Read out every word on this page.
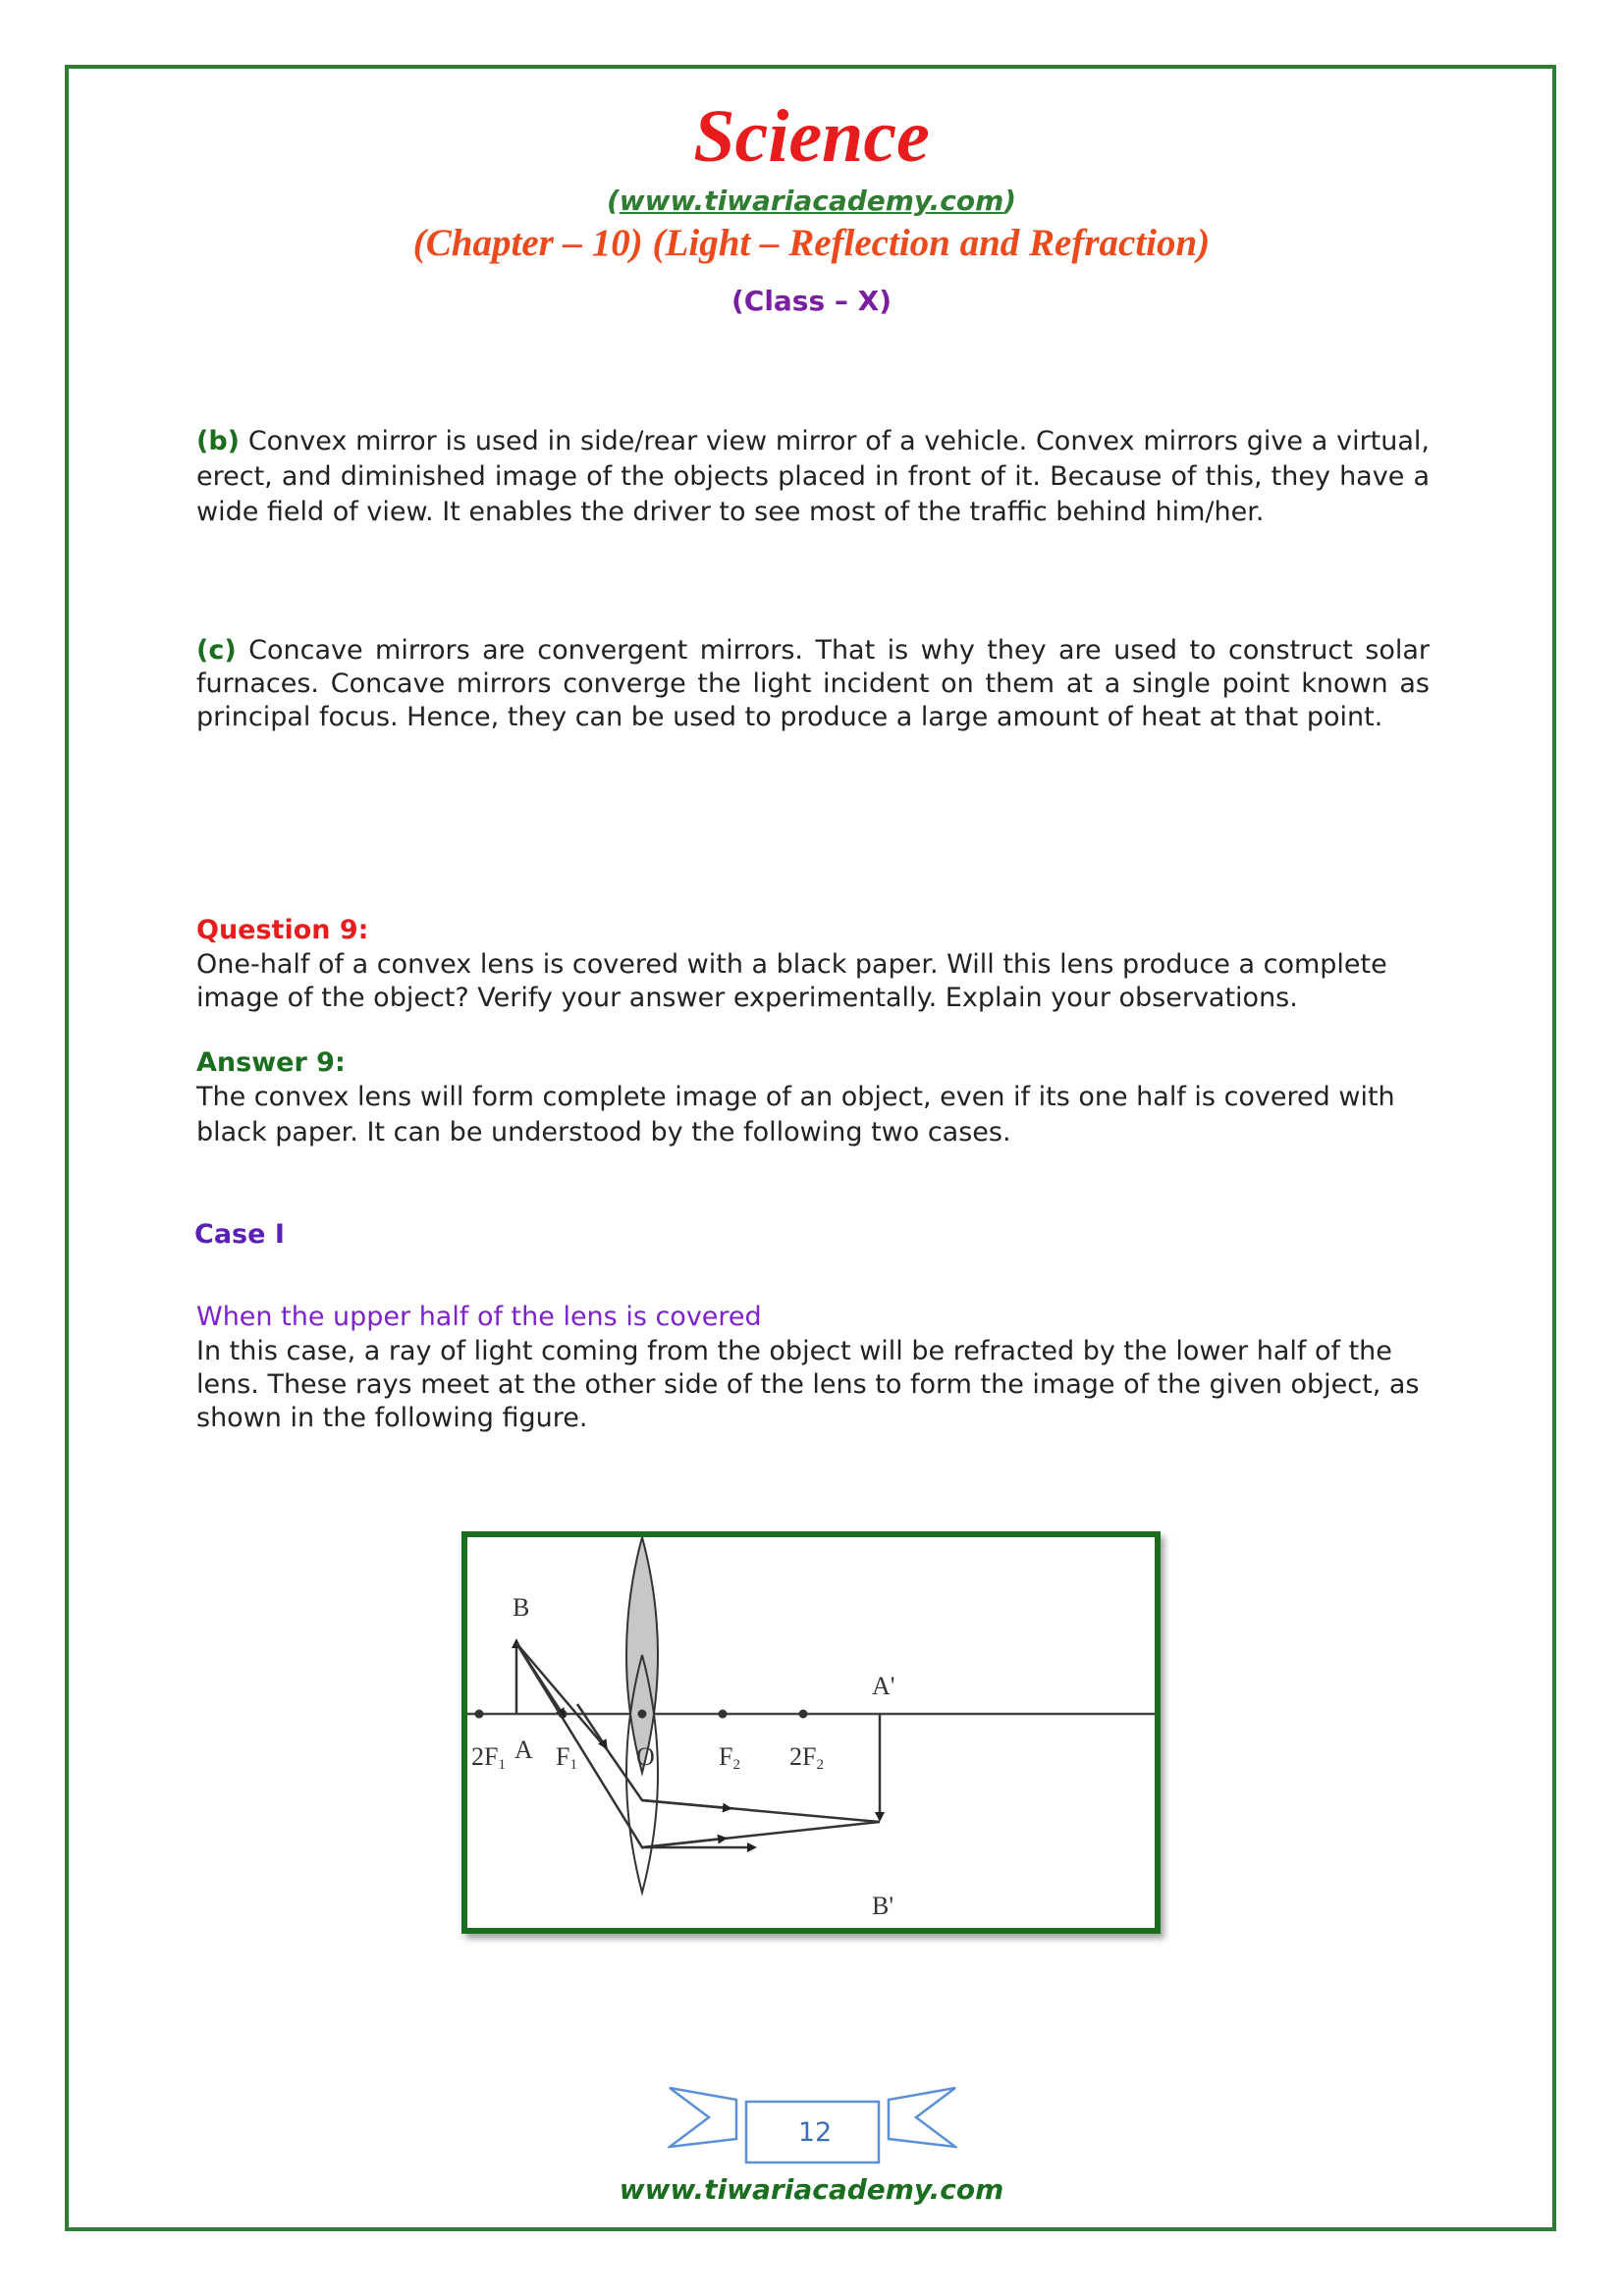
Science
(www.tiwariacademy.com)
(Chapter – 10) (Light – Reflection and Refraction)
(Class – X)

(b) Convex mirror is used in side/rear view mirror of a vehicle. Convex mirrors give a virtual, erect, and diminished image of the objects placed in front of it. Because of this, they have a wide field of view. It enables the driver to see most of the traffic behind him/her.

(c) Concave mirrors are convergent mirrors. That is why they are used to construct solar furnaces. Concave mirrors converge the light incident on them at a single point known as principal focus. Hence, they can be used to produce a large amount of heat at that point.

Question 9:

One-half of a convex lens is covered with a black paper. Will this lens produce a complete image of the object? Verify your answer experimentally. Explain your observations.

Answer 9:

The convex lens will form complete image of an object, even if its one half is covered with black paper. It can be understood by the following two cases.

Case I

When the upper half of the lens is covered

In this case, a ray of light coming from the object will be refracted by the lower half of the lens. These rays meet at the other side of the lens to form the image of the given object, as shown in the following figure.

B
A
2F1 F1 O	F2 2F2
A'
B'
12
www.tiwariacademy.com
